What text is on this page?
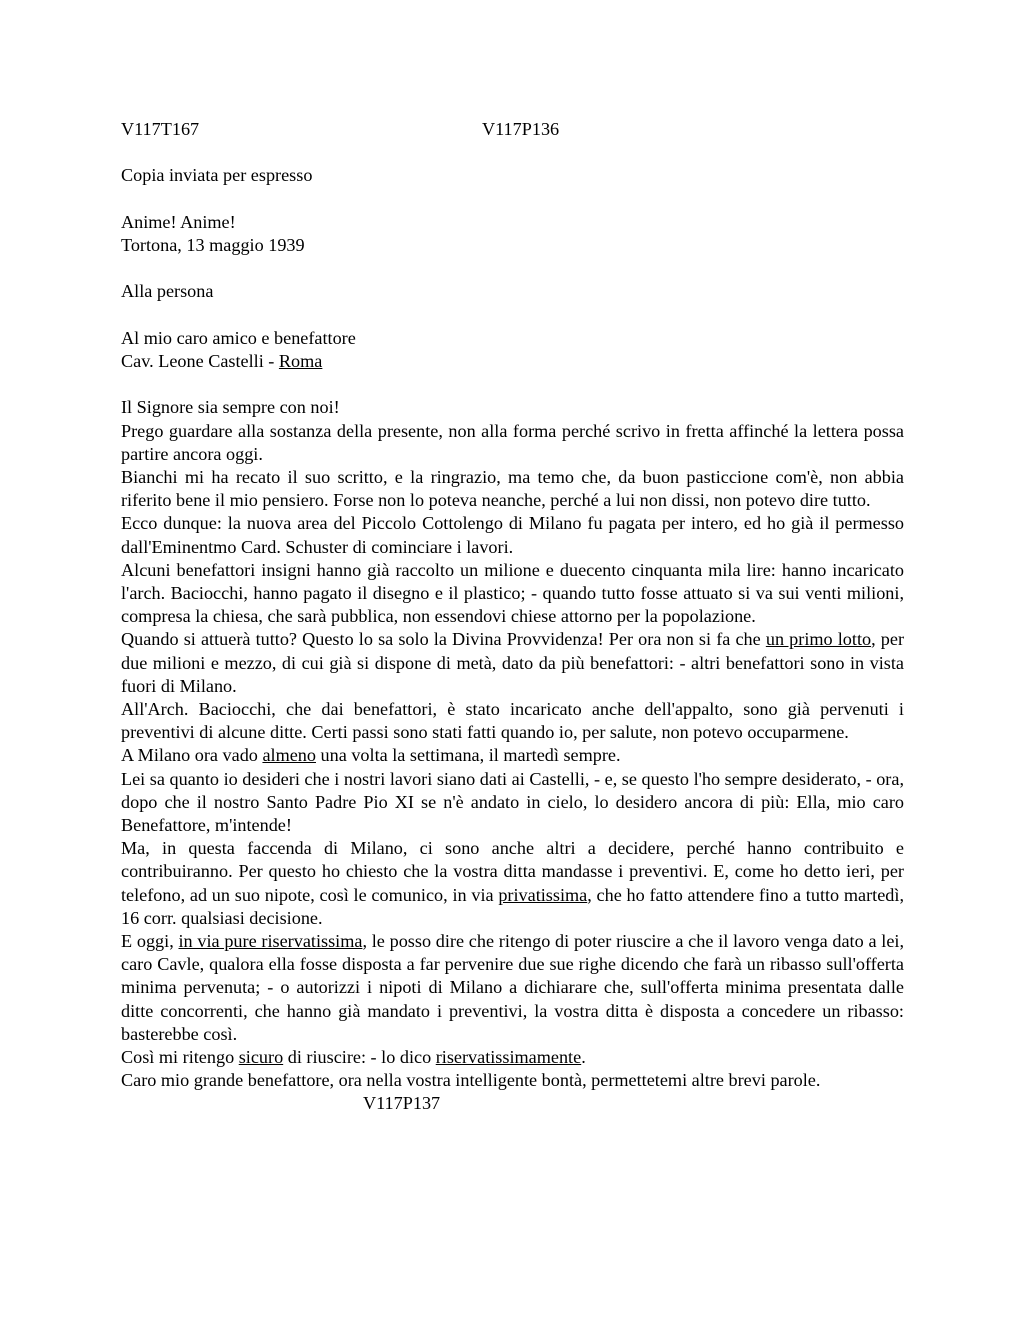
V117T167	V117P136
Copia inviata per espresso
Anime! Anime!
Tortona, 13 maggio 1939
Alla persona
Al mio caro amico e benefattore
Cav. Leone Castelli - Roma

Il Signore sia sempre con noi!

Prego guardare alla sostanza della presente, non alla forma perché scrivo in fretta affinché la lettera possa partire ancora oggi.

Bianchi mi ha recato il suo scritto, e la ringrazio, ma temo che, da buon pasticcione com'è, non abbia riferito bene il mio pensiero. Forse non lo poteva neanche, perché a lui non dissi, non potevo dire tutto.

Ecco dunque: la nuova area del Piccolo Cottolengo di Milano fu pagata per intero, ed ho già il permesso dall'Eminentmo Card. Schuster di cominciare i lavori.

Alcuni benefattori insigni hanno già raccolto un milione e duecento cinquanta mila lire: hanno incaricato l'arch. Baciocchi, hanno pagato il disegno e il plastico; - quando tutto fosse attuato si va sui venti milioni, compresa la chiesa, che sarà pubblica, non essendovi chiese attorno per la popolazione.

Quando si attuerà tutto? Questo lo sa solo la Divina Provvidenza! Per ora non si fa che un primo lotto, per due milioni e mezzo, di cui già si dispone di metà, dato da più benefattori: - altri benefattori sono in vista fuori di Milano.

All'Arch. Baciocchi, che dai benefattori, è stato incaricato anche dell'appalto, sono già pervenuti i preventivi di alcune ditte. Certi passi sono stati fatti quando io, per salute, non potevo occuparmene.

A Milano ora vado almeno una volta la settimana, il martedì sempre.

Lei sa quanto io desideri che i nostri lavori siano dati ai Castelli, - e, se questo l'ho sempre desiderato, - ora, dopo che il nostro Santo Padre Pio XI se n'è andato in cielo, lo desidero ancora di più: Ella, mio caro Benefattore, m'intende!

Ma, in questa faccenda di Milano, ci sono anche altri a decidere, perché hanno contribuito e contribuiranno. Per questo ho chiesto che la vostra ditta mandasse i preventivi. E, come ho detto ieri, per telefono, ad un suo nipote, così le comunico, in via privatissima, che ho fatto attendere fino a tutto martedì, 16 corr. qualsiasi decisione.

E oggi, in via pure riservatissima, le posso dire che ritengo di poter riuscire a che il lavoro venga dato a lei, caro Cavle, qualora ella fosse disposta a far pervenire due sue righe dicendo che farà un ribasso sull'offerta minima pervenuta; - o autorizzi i nipoti di Milano a dichiarare che, sull'offerta minima presentata dalle ditte concorrenti, che hanno già mandato i preventivi, la vostra ditta è disposta a concedere un ribasso: basterebbe così.

Così mi ritengo sicuro di riuscire: - lo dico riservatissimamente.

Caro mio grande benefattore, ora nella vostra intelligente bontà, permettetemi altre brevi parole.

V117P137
